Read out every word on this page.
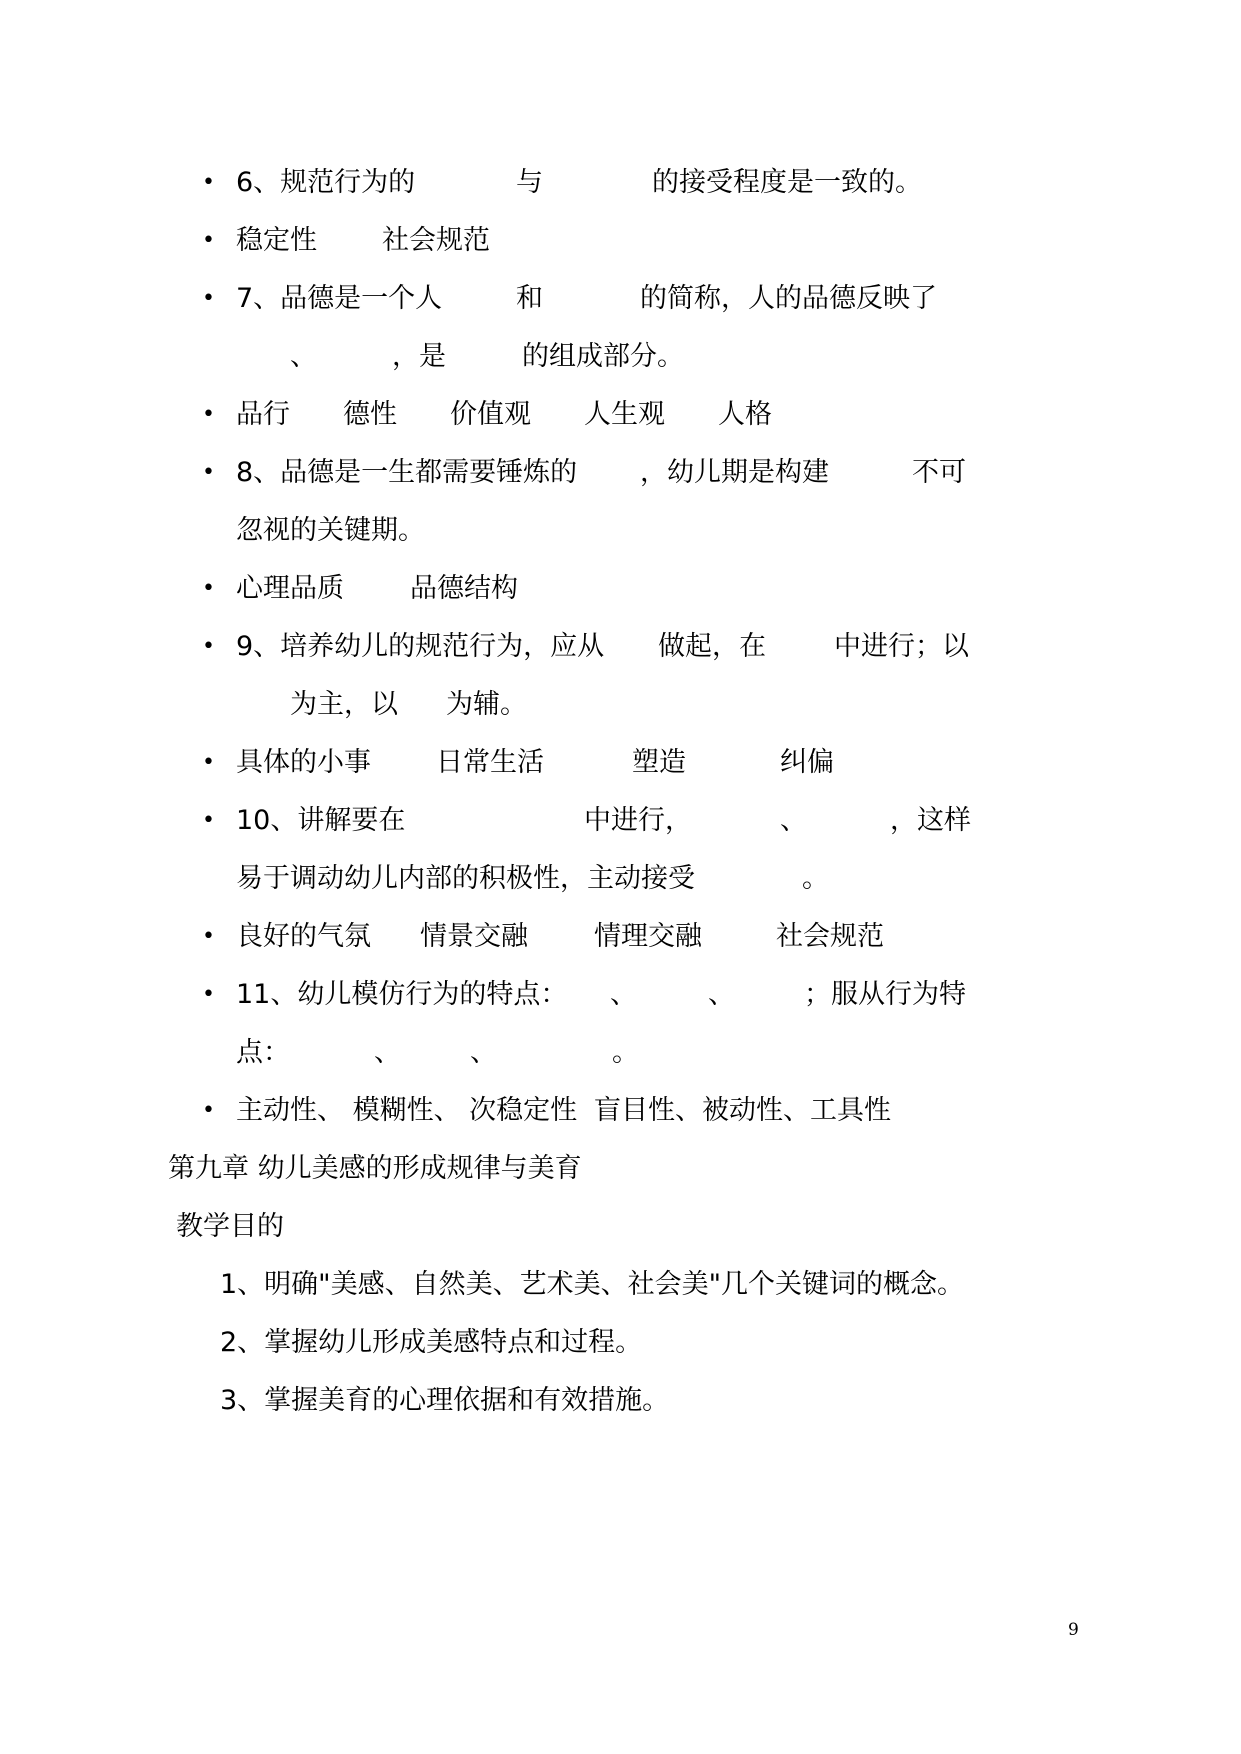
• 6、规范行为的	与	的接受程度是一致的。
• 稳定性 社会规范
• 7、品德是一个人	和	的简称，人的品德反映了
、	，是	的组成部分。
• 品行 德性 价值观 人生观 人格
• 8、品德是一生都需要锤炼的 ，幼儿期是构建	不可
忽视的关键期。
• 心理品质 品德结构
• 9、培养幼儿的规范行为，应从 做起，在	中进行；以
为主，以 为辅。
• 具体的小事 日常生活	塑造	纠偏
• 10、讲解要在	中进行，	、	，这样
易于调动幼儿内部的积极性，主动接受	。
• 良好的气氛 情景交融 情理交融	社会规范
• 11、幼儿模仿行为的特点： 、	、	；服从行为特
点：	、	、	。
• 主动性、 模糊性、 次稳定性 盲目性、被动性、工具性
第九章 幼儿美感的形成规律与美育
教学目的
1、明确"美感、自然美、艺术美、社会美"几个关键词的概念。
2、掌握幼儿形成美感特点和过程。
3、掌握美育的心理依据和有效措施。
9
